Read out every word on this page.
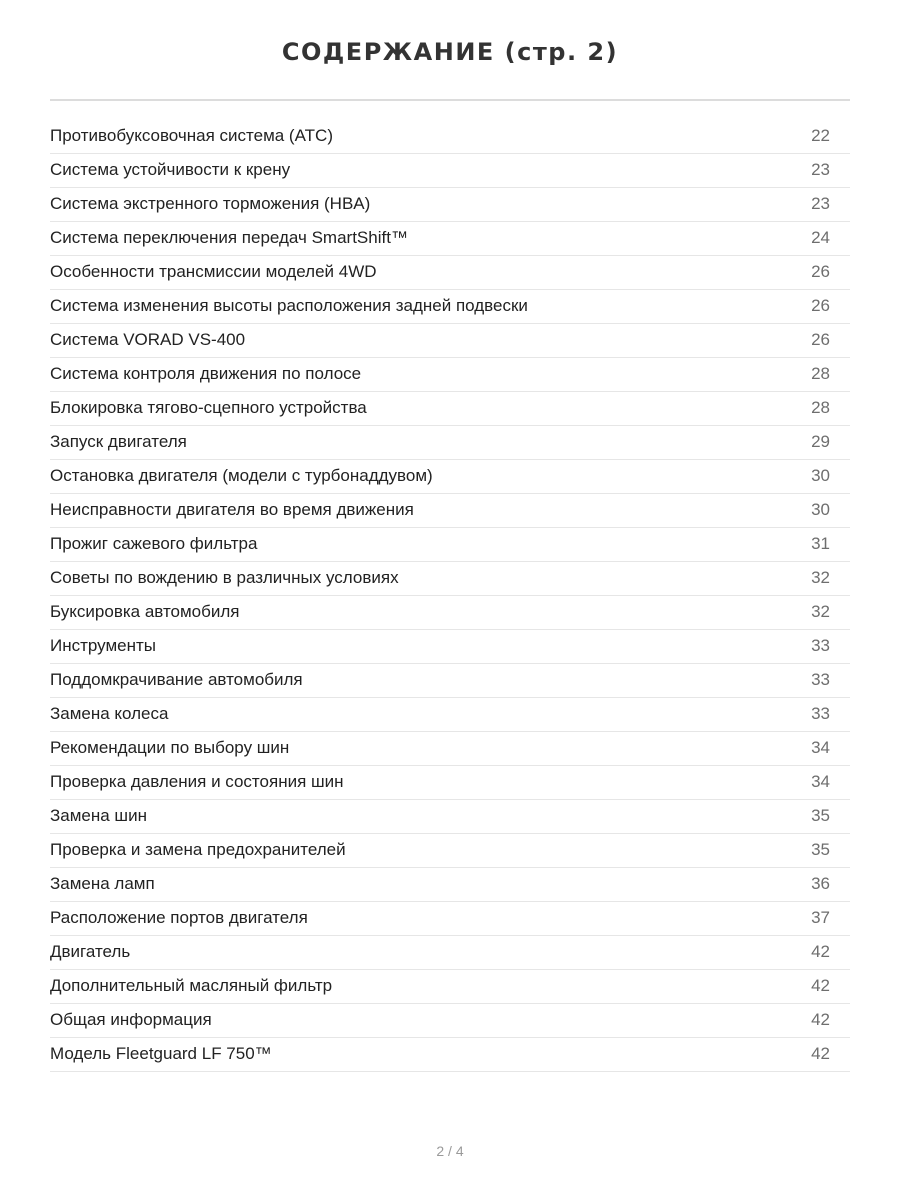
СОДЕРЖАНИЕ (стр. 2)
Противобуксовочная система (ATC)	22
Система устойчивости к крену	23
Система экстренного торможения (HBA)	23
Система переключения передач SmartShift™	24
Особенности трансмиссии моделей 4WD	26
Система изменения высоты расположения задней подвески	26
Система VORAD VS-400	26
Система контроля движения по полосе	28
Блокировка тягово-сцепного устройства	28
Запуск двигателя	29
Остановка двигателя (модели с турбонаддувом)	30
Неисправности двигателя во время движения	30
Прожиг сажевого фильтра	31
Советы по вождению в различных условиях	32
Буксировка автомобиля	32
Инструменты	33
Поддомкрачивание автомобиля	33
Замена колеса	33
Рекомендации по выбору шин	34
Проверка давления и состояния шин	34
Замена шин	35
Проверка и замена предохранителей	35
Замена ламп	36
Расположение портов двигателя	37
Двигатель	42
Дополнительный масляный фильтр	42
Общая информация	42
Модель Fleetguard LF 750™	42
2 / 4
